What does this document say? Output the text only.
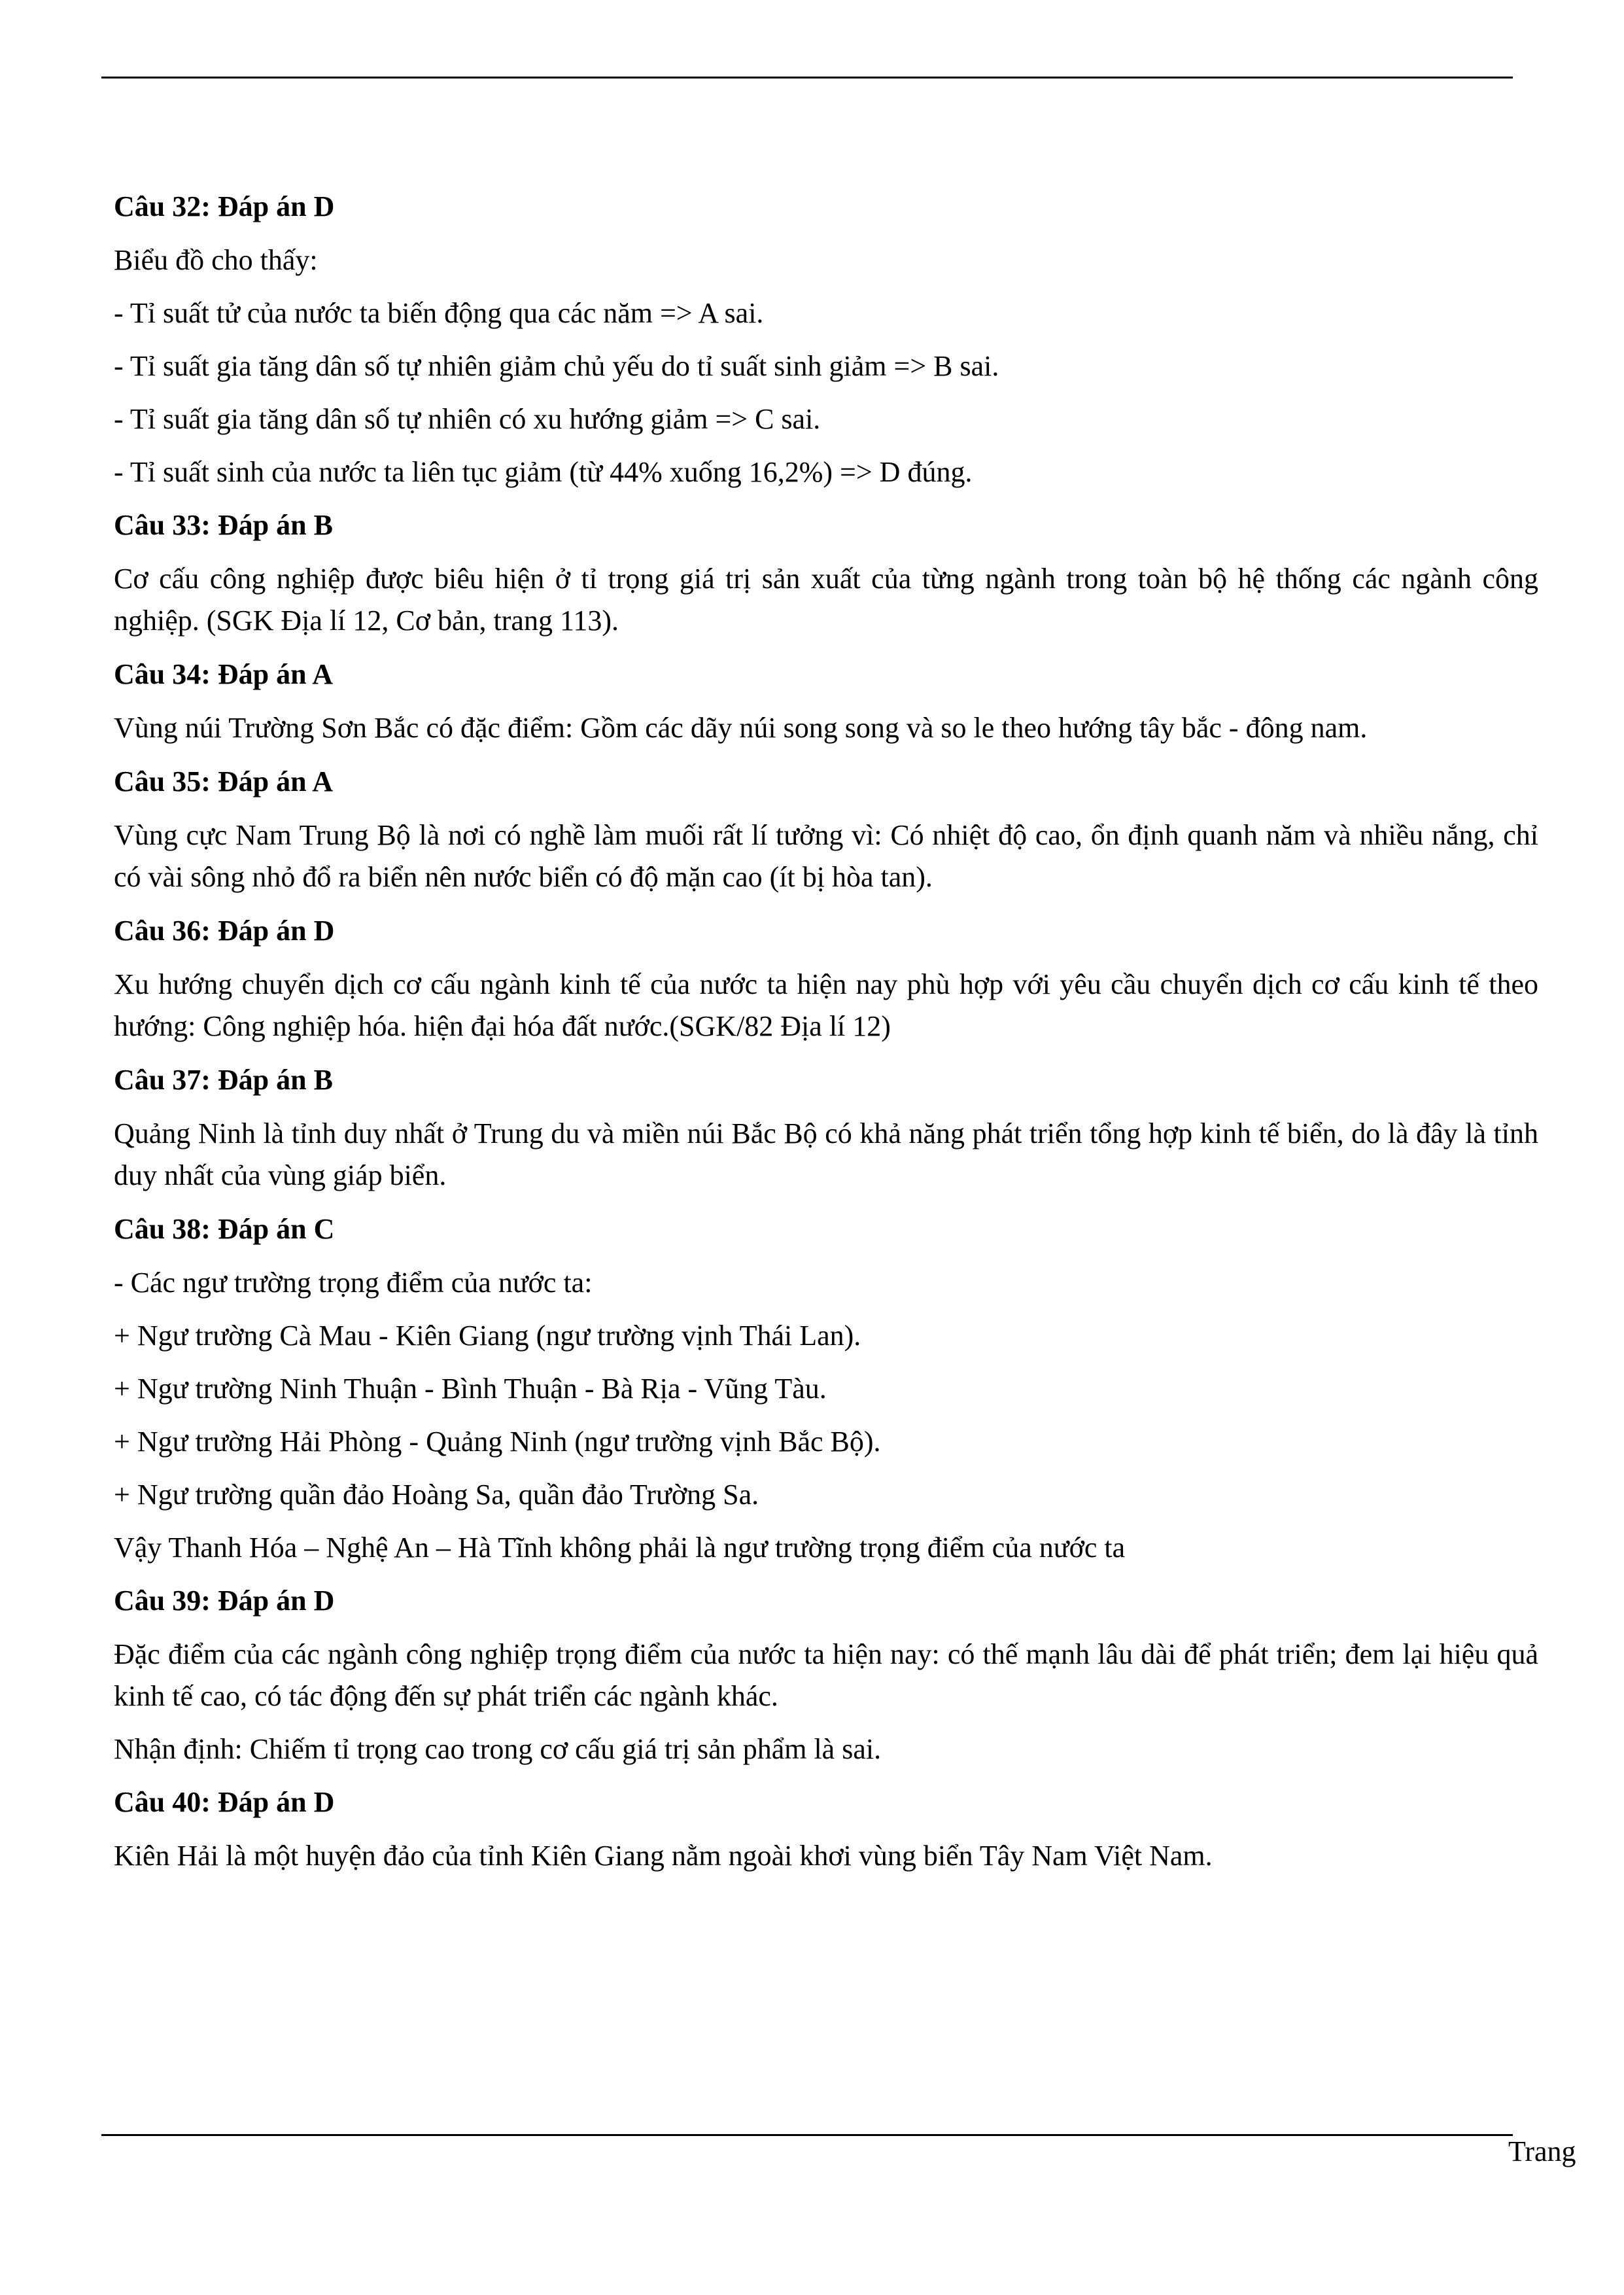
Câu 32: Đáp án D
Biểu đồ cho thấy:
- Tỉ suất tử của nước ta biến động qua các năm => A sai.
- Tỉ suất gia tăng dân số tự nhiên giảm chủ yếu do tỉ suất sinh giảm => B sai.
- Tỉ suất gia tăng dân số tự nhiên có xu hướng giảm => C sai.
- Tỉ suất sinh của nước ta liên tục giảm (từ 44% xuống 16,2%) => D đúng.
Câu 33: Đáp án B
Cơ cấu công nghiệp được biêu hiện ở tỉ trọng giá trị sản xuất của từng ngành trong toàn bộ hệ thống các ngành công nghiệp. (SGK Địa lí 12, Cơ bản, trang 113).
Câu 34: Đáp án A
Vùng núi Trường Sơn Bắc có đặc điểm: Gồm các dãy núi song song và so le theo hướng tây bắc - đông nam.
Câu 35: Đáp án A
Vùng cực Nam Trung Bộ là nơi có nghề làm muối rất lí tưởng vì: Có nhiệt độ cao, ổn định quanh năm và nhiều nắng, chỉ có vài sông nhỏ đổ ra biển nên nước biển có độ mặn cao (ít bị hòa tan).
Câu 36: Đáp án D
Xu hướng chuyển dịch cơ cấu ngành kinh tế của nước ta hiện nay phù hợp với yêu cầu chuyển dịch cơ cấu kinh tế theo hướng: Công nghiệp hóa. hiện đại hóa đất nước.(SGK/82 Địa lí 12)
Câu 37: Đáp án B
Quảng Ninh là tỉnh duy nhất ở Trung du và miền núi Bắc Bộ có khả năng phát triển tổng hợp kinh tế biển, do là đây là tỉnh duy nhất của vùng giáp biển.
Câu 38: Đáp án C
- Các ngư trường trọng điểm của nước ta:
+ Ngư trường Cà Mau - Kiên Giang (ngư trường vịnh Thái Lan).
+ Ngư trường Ninh Thuận - Bình Thuận - Bà Rịa - Vũng Tàu.
+ Ngư trường Hải Phòng - Quảng Ninh (ngư trường vịnh Bắc Bộ).
+ Ngư trường quần đảo Hoàng Sa, quần đảo Trường Sa.
Vậy Thanh Hóa – Nghệ An – Hà Tĩnh không phải là ngư trường trọng điểm của nước ta
Câu 39: Đáp án D
Đặc điểm của các ngành công nghiệp trọng điểm của nước ta hiện nay: có thế mạnh lâu dài để phát triển; đem lại hiệu quả kinh tế cao, có tác động đến sự phát triển các ngành khác.
Nhận định: Chiếm tỉ trọng cao trong cơ cấu giá trị sản phẩm là sai.
Câu 40: Đáp án D
Kiên Hải là một huyện đảo của tỉnh Kiên Giang nằm ngoài khơi vùng biển Tây Nam Việt Nam.
Trang
